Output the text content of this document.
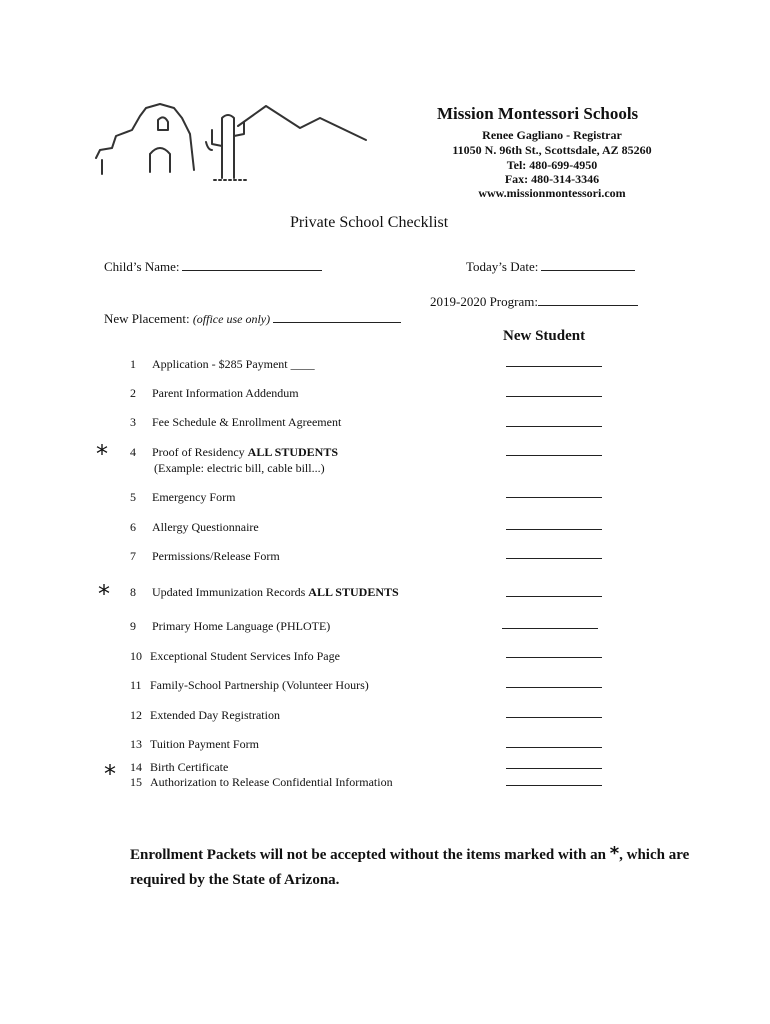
Mission Montessori Schools
Renee Gagliano - Registrar
11050 N. 96th St., Scottsdale, AZ 85260
Tel: 480-699-4950
Fax: 480-314-3346
www.missionmontessori.com
Private School Checklist
Child’s Name:	Today’s Date:
2019-2020 Program:
New Placement: (office use only)
New Student
1 Application - $285 Payment ____
2 Parent Information Addendum
3 Fee Schedule & Enrollment Agreement
4 Proof of Residency ALL STUDENTS
(Example: electric bill, cable bill...)
*
5 Emergency Form
6 Allergy Questionnaire
7 Permissions/Release Form
8 Updated Immunization Records ALL STUDENTS
*
9 Primary Home Language (PHLOTE)
10 Exceptional Student Services Info Page
11 Family-School Partnership (Volunteer Hours)
12 Extended Day Registration
13 Tuition Payment Form
14 Birth Certificate
* 15 Authorization to Release Confidential Information
Enrollment Packets will not be accepted without the items marked with an *, which are required by the State of Arizona.
